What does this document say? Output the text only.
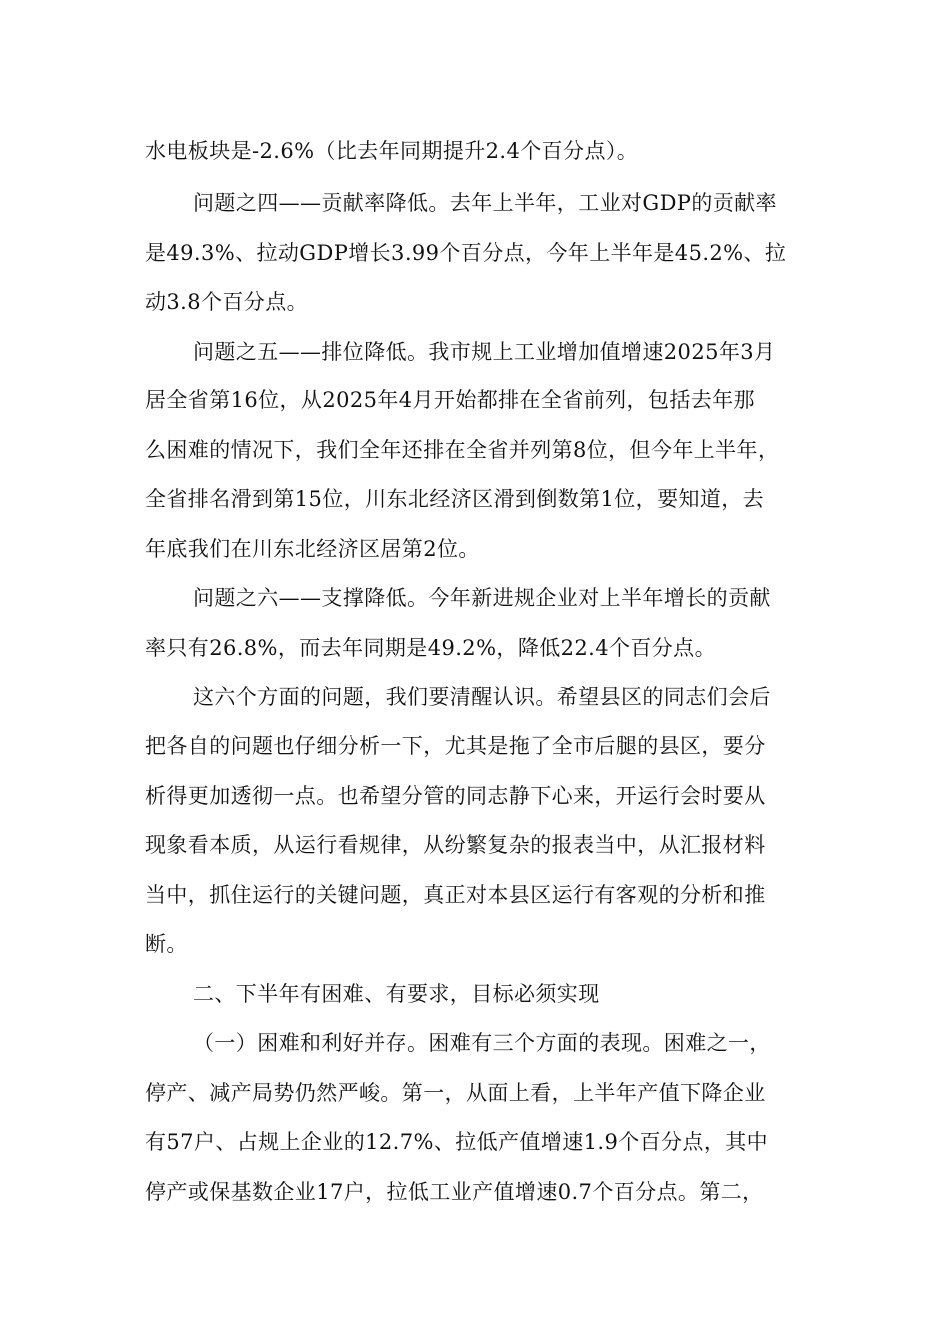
水电板块是-2.6%（比去年同期提升2.4个百分点）。
问题之四——贡献率降低。去年上半年，工业对GDP的贡献率
是49.3%、拉动GDP增长3.99个百分点，今年上半年是45.2%、拉
动3.8个百分点。
问题之五——排位降低。我市规上工业增加值增速2025年3月
居全省第16位，从2025年4月开始都排在全省前列，包括去年那
么困难的情况下，我们全年还排在全省并列第8位，但今年上半年，
全省排名滑到第15位，川东北经济区滑到倒数第1位，要知道，去
年底我们在川东北经济区居第2位。
问题之六——支撑降低。今年新进规企业对上半年增长的贡献
率只有26.8%，而去年同期是49.2%，降低22.4个百分点。
这六个方面的问题，我们要清醒认识。希望县区的同志们会后
把各自的问题也仔细分析一下，尤其是拖了全市后腿的县区，要分
析得更加透彻一点。也希望分管的同志静下心来，开运行会时要从
现象看本质，从运行看规律，从纷繁复杂的报表当中，从汇报材料
当中，抓住运行的关键问题，真正对本县区运行有客观的分析和推
断。
二、下半年有困难、有要求，目标必须实现
（一）困难和利好并存。困难有三个方面的表现。困难之一，
停产、减产局势仍然严峻。第一，从面上看，上半年产值下降企业
有57户、占规上企业的12.7%、拉低产值增速1.9个百分点，其中
停产或保基数企业17户，拉低工业产值增速0.7个百分点。第二，
